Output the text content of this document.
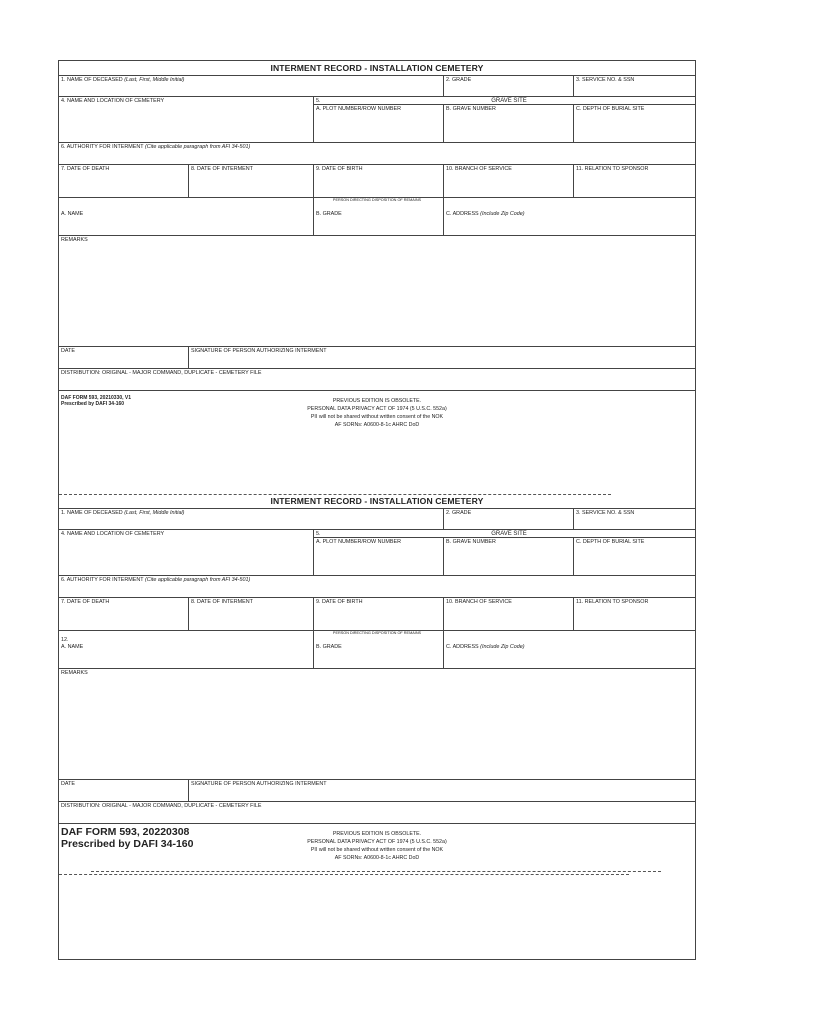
INTERMENT RECORD - INSTALLATION CEMETERY
1. NAME OF DECEASED (Last, First, Middle Initial)	2. GRADE	3. SERVICE NO. & SSN
4. NAME AND LOCATION OF CEMETERY	5.	GRAVE SITE
A. PLOT NUMBER/ROW NUMBER	B. GRAVE NUMBER	C. DEPTH OF BURIAL SITE
6. AUTHORITY FOR INTERMENT (Cite applicable paragraph from AFI 34-501)
7. DATE OF DEATH	8. DATE OF INTERMENT	9. DATE OF BIRTH	10. BRANCH OF SERVICE	11. RELATION TO SPONSOR
PERSON DIRECTING DISPOSITION OF REMAINS

A. NAME	B. GRADE	C. ADDRESS (Include Zip Code)
REMARKS
DATE	SIGNATURE OF PERSON AUTHORIZING INTERMENT
DISTRIBUTION: ORIGINAL - MAJOR COMMAND, DUPLICATE - CEMETERY FILE
DAF FORM 593, 20210330, V1
Prescribed by DAFI 34-160	PREVIOUS EDITION IS OBSOLETE.
PERSONAL DATA PRIVACY ACT OF 1974 (5 U.S.C. 552a)
PII will not be shared without written consent of the NOK
AF SORNs: A0600-8-1c AHRC DoD
INTERMENT RECORD - INSTALLATION CEMETERY
1. NAME OF DECEASED (Last, First, Middle Initial)	2. GRADE	3. SERVICE NO. & SSN
4. NAME AND LOCATION OF CEMETERY	5.	GRAVE SITE
A. PLOT NUMBER/ROW NUMBER	B. GRAVE NUMBER	C. DEPTH OF BURIAL SITE
6. AUTHORITY FOR INTERMENT (Cite applicable paragraph from AFI 34-501)
7. DATE OF DEATH	8. DATE OF INTERMENT	9. DATE OF BIRTH	10. BRANCH OF SERVICE	11. RELATION TO SPONSOR
PERSON DIRECTING DISPOSITION OF REMAINS
12.
A. NAME	B. GRADE	C. ADDRESS (Include Zip Code)
REMARKS
DATE	SIGNATURE OF PERSON AUTHORIZING INTERMENT
DISTRIBUTION: ORIGINAL - MAJOR COMMAND, DUPLICATE - CEMETERY FILE
DAF FORM 593, 20220308
Prescribed by DAFI 34-160
PREVIOUS EDITION IS OBSOLETE.
PERSONAL DATA PRIVACY ACT OF 1974 (5 U.S.C. 552a)
PII will not be shared without written consent of the NOK
AF SORNs: A0600-8-1c AHRC DoD
